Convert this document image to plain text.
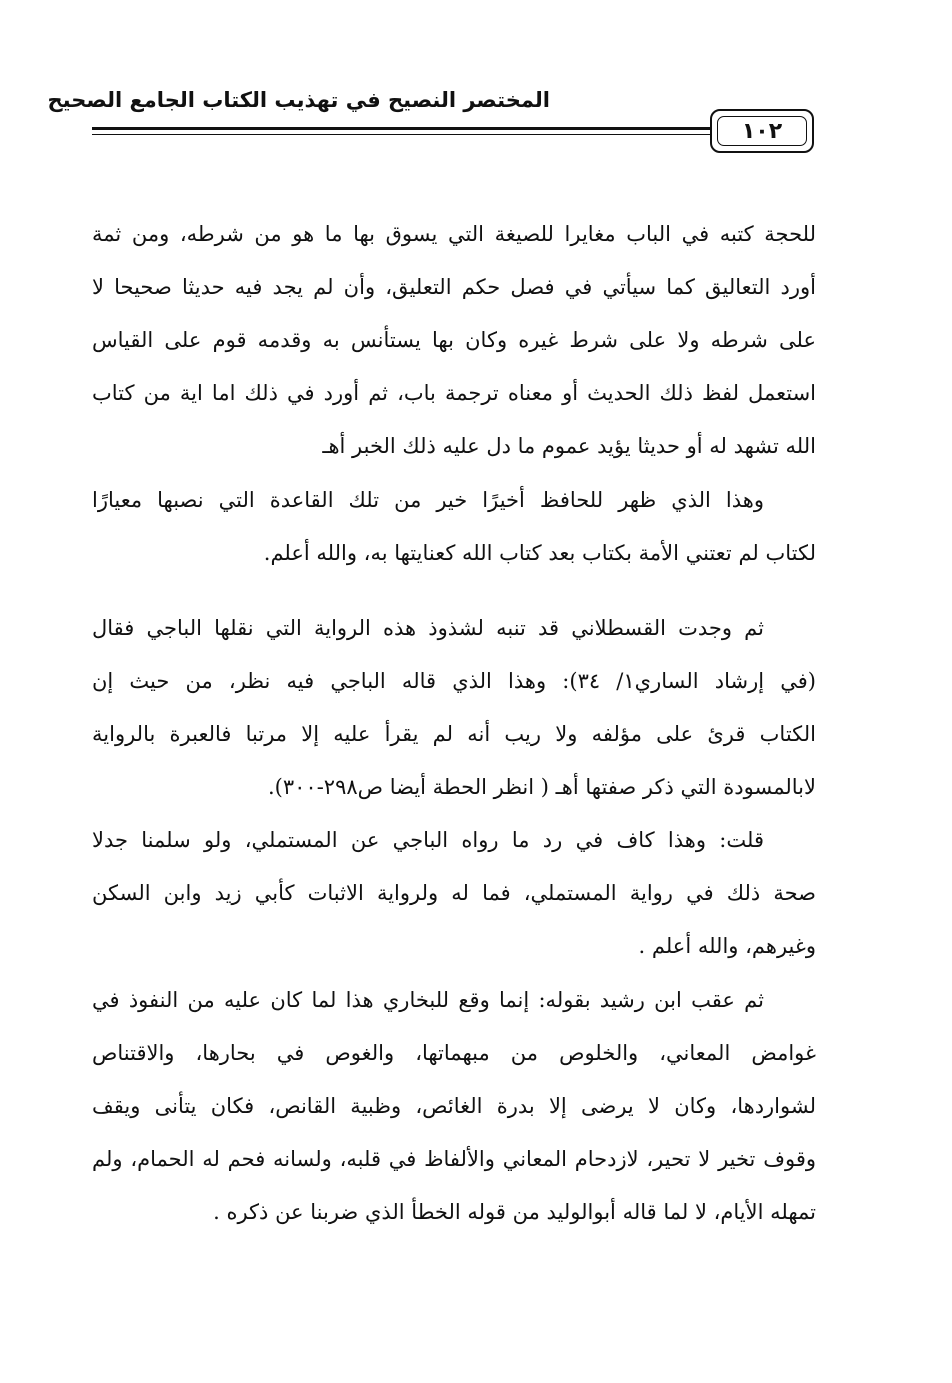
المختصر النصيح في تهذيب الكتاب الجامع الصحيح
١٠٢
للحجة كتبه في الباب مغايرا للصيغة التي يسوق بها ما هو من شرطه، ومن ثمة
أورد التعاليق كما سيأتي في فصل حكم التعليق، وأن لم يجد فيه حديثا صحيحا لا
على شرطه ولا على شرط غيره وكان بها يستأنس به وقدمه قوم على القياس
استعمل لفظ ذلك الحديث أو معناه ترجمة باب، ثم أورد في ذلك اما اية من كتاب
الله تشهد له أو حديثا يؤيد عموم ما دل عليه ذلك الخبر أهـ
وهذا الذي ظهر للحافظ أخيرًا خير من تلك القاعدة التي نصبها معيارًا
لكتاب لم تعتني الأمة بكتاب بعد كتاب الله كعنايتها به، والله أعلم.
ثم وجدت القسطلاني قد تنبه لشذوذ هذه الرواية التي نقلها الباجي فقال
(في إرشاد الساري١/ ٣٤): وهذا الذي قاله الباجي فيه نظر، من حيث إن
الكتاب قرئ على مؤلفه ولا ريب أنه لم يقرأ عليه إلا مرتبا فالعبرة بالرواية
لابالمسودة التي ذكر صفتها أهـ ( انظر الحطة أيضا ص٢٩٨-٣٠٠).
قلت: وهذا كاف في رد ما رواه الباجي عن المستملي، ولو سلمنا جدلا
صحة ذلك في رواية المستملي، فما له ولرواية الاثبات كأبي زيد وابن السكن
وغيرهم، والله أعلم .
ثم عقب ابن رشيد بقوله: إنما وقع للبخاري هذا لما كان عليه من النفوذ في
غوامض المعاني، والخلوص من مبهماتها، والغوص في بحارها، والاقتناص
لشواردها، وكان لا يرضى إلا بدرة الغائص، وظبية القانص، فكان يتأنى ويقف
وقوف تخير لا تحير، لازدحام المعاني والألفاظ في قلبه، ولسانه فحم له الحمام، ولم
تمهله الأيام، لا لما قاله أبوالوليد من قوله الخطأ الذي ضربنا عن ذكره .
